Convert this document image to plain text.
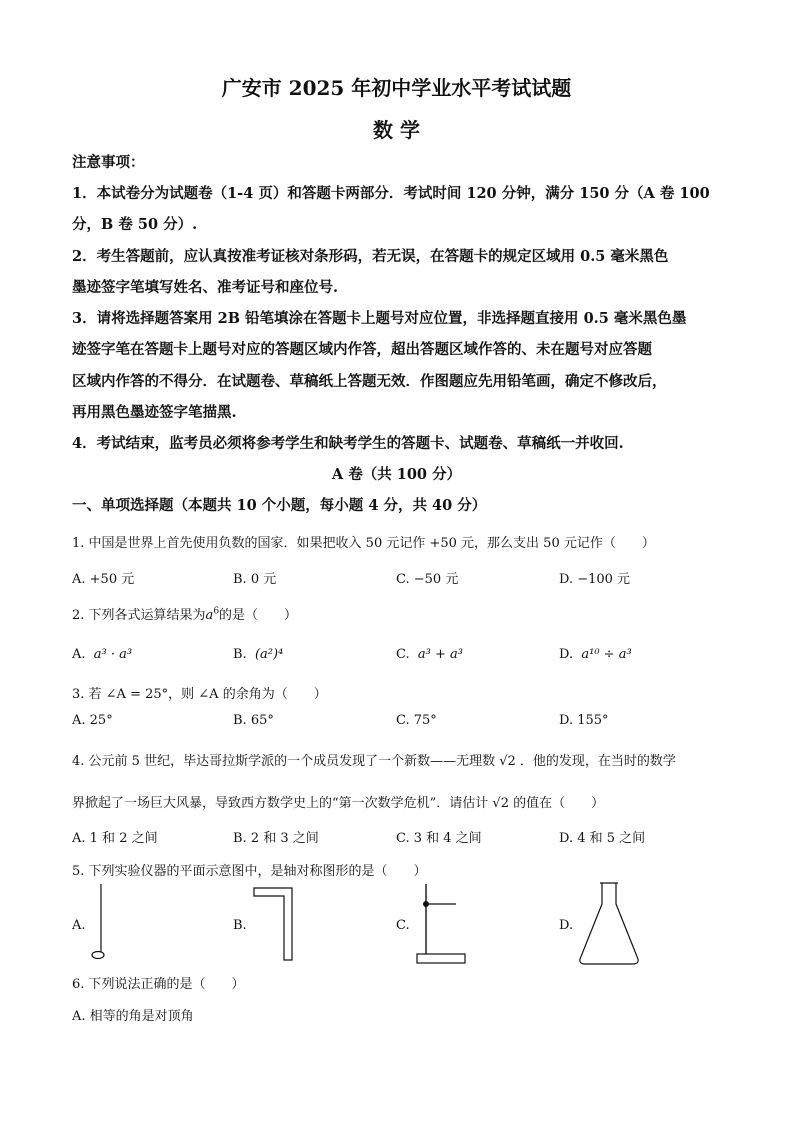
广安市 2025 年初中学业水平考试试题
数 学
注意事项：
1．本试卷分为试题卷（1-4 页）和答题卡两部分．考试时间 120 分钟，满分 150 分（A 卷 100
分，B 卷 50 分）.
2．考生答题前，应认真按准考证核对条形码，若无误，在答题卡的规定区域用 0.5 毫米黑色
墨迹签字笔填写姓名、准考证号和座位号.
3．请将选择题答案用 2B 铅笔填涂在答题卡上题号对应位置，非选择题直接用 0.5 毫米黑色墨
迹签字笔在答题卡上题号对应的答题区域内作答，超出答题区域作答的、未在题号对应答题
区域内作答的不得分．在试题卷、草稿纸上答题无效．作图题应先用铅笔画，确定不修改后，
再用黑色墨迹签字笔描黑.
4．考试结束，监考员必须将参考学生和缺考学生的答题卡、试题卷、草稿纸一并收回.
A 卷（共 100 分）
一、单项选择题（本题共 10 个小题，每小题 4 分，共 40 分）
1. 中国是世界上首先使用负数的国家．如果把收入 50 元记作 +50 元，那么支出 50 元记作（　　）
A. +50 元	B. 0 元	C. −50 元	D. −100 元
2. 下列各式运算结果为$a^6$的是（　　）
A. a³ · a³	B. (a²)⁴	C. a³ + a³	D. a¹⁰ ÷ a³
3. 若 ∠A = 25°，则 ∠A 的余角为（　　）
A. 25°	B. 65°	C. 75°	D. 155°
4. 公元前 5 世纪，毕达哥拉斯学派的一个成员发现了一个新数——无理数 √2 ．他的发现，在当时的数学
界掀起了一场巨大风暴，导致西方数学史上的“第一次数学危机”．请估计 √2 的值在（　　）
A. 1 和 2 之间	B. 2 和 3 之间	C. 3 和 4 之间	D. 4 和 5 之间
5. 下列实验仪器的平面示意图中，是轴对称图形的是（　　）
A.	B.	C.	D.
6. 下列说法正确的是（　　）
A. 相等的角是对顶角
